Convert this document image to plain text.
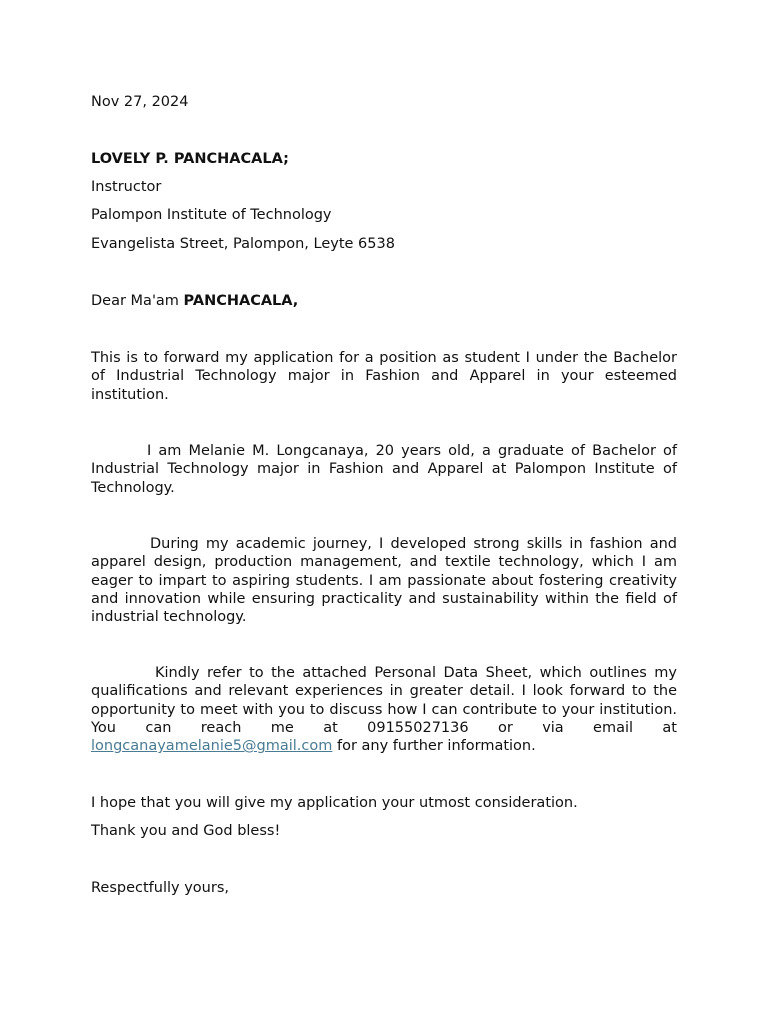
Nov 27, 2024
LOVELY P. PANCHACALA;
Instructor
Palompon Institute of Technology
Evangelista Street, Palompon, Leyte 6538
Dear Ma'am PANCHACALA,
This is to forward my application for a position as student I under the Bachelor of Industrial Technology major in Fashion and Apparel in your esteemed institution.
I am Melanie M. Longcanaya, 20 years old, a graduate of Bachelor of Industrial Technology major in Fashion and Apparel at Palompon Institute of Technology.
During my academic journey, I developed strong skills in fashion and apparel design, production management, and textile technology, which I am eager to impart to aspiring students. I am passionate about fostering creativity and innovation while ensuring practicality and sustainability within the field of industrial technology.
Kindly refer to the attached Personal Data Sheet, which outlines my qualifications and relevant experiences in greater detail. I look forward to the opportunity to meet with you to discuss how I can contribute to your institution. You can reach me at 09155027136 or via email at longcanayamelanie5@gmail.com for any further information.
I hope that you will give my application your utmost consideration.
Thank you and God bless!
Respectfully yours,
